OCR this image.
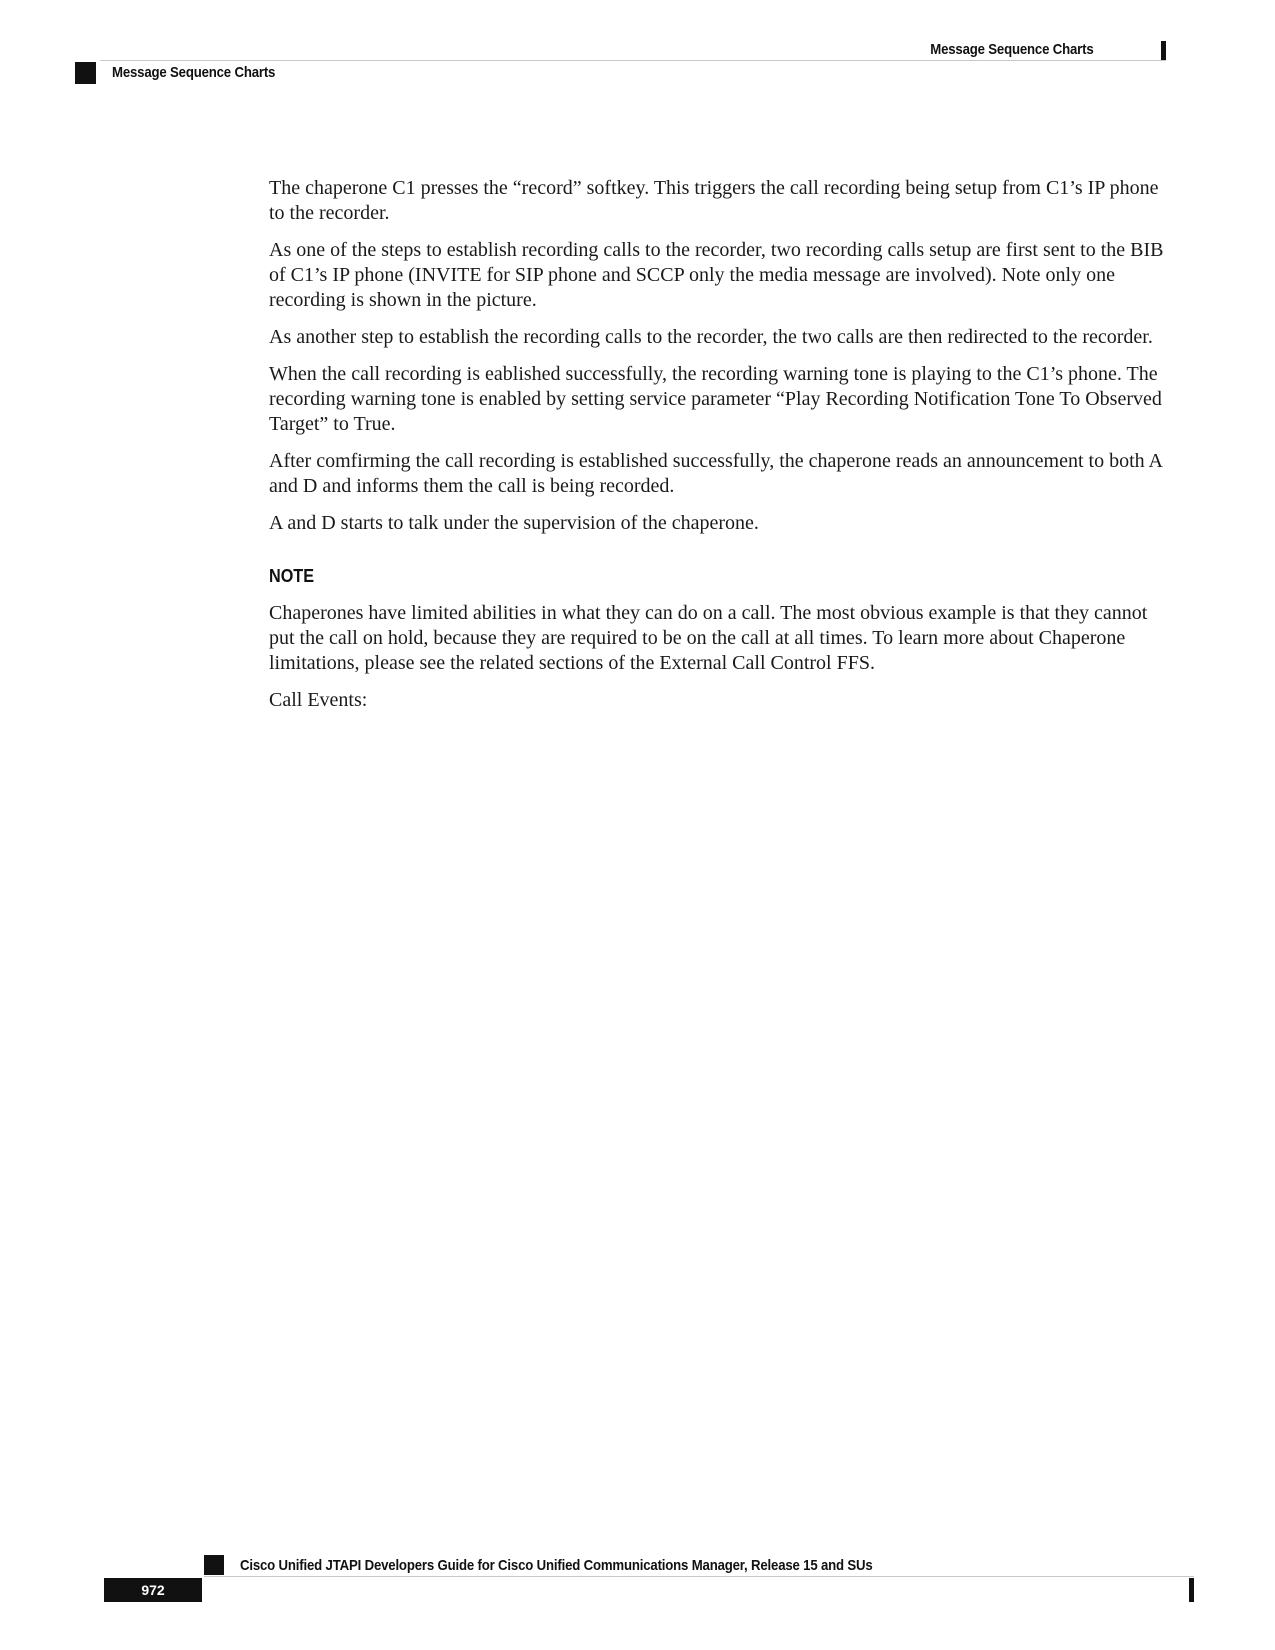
Message Sequence Charts
Message Sequence Charts

The chaperone C1 presses the “record” softkey. This triggers the call recording being setup from C1’s IP phone to the recorder.

As one of the steps to establish recording calls to the recorder, two recording calls setup are first sent to the BIB of C1’s IP phone (INVITE for SIP phone and SCCP only the media message are involved). Note only one recording is shown in the picture.

As another step to establish the recording calls to the recorder, the two calls are then redirected to the recorder.

When the call recording is eablished successfully, the recording warning tone is playing to the C1’s phone. The recording warning tone is enabled by setting service parameter “Play Recording Notification Tone To Observed Target” to True.

After comfirming the call recording is established successfully, the chaperone reads an announcement to both A and D and informs them the call is being recorded.

A and D starts to talk under the supervision of the chaperone.

NOTE

Chaperones have limited abilities in what they can do on a call. The most obvious example is that they cannot put the call on hold, because they are required to be on the call at all times. To learn more about Chaperone limitations, please see the related sections of the External Call Control FFS.

Call Events:

Cisco Unified JTAPI Developers Guide for Cisco Unified Communications Manager, Release 15 and SUs
972
